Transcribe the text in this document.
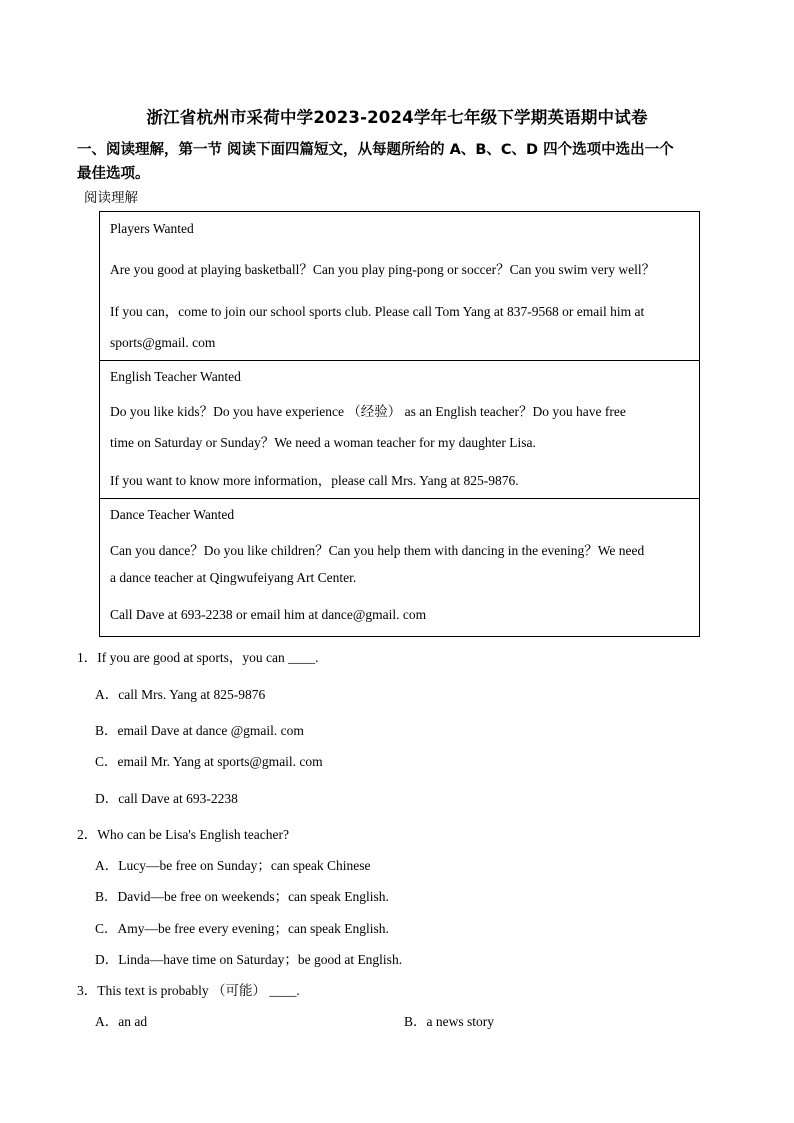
浙江省杭州市采荷中学2023-2024学年七年级下学期英语期中试卷
一、阅读理解，第一节 阅读下面四篇短文，从每题所给的 A、B、C、D 四个选项中选出一个
最佳选项。
阅读理解
Players Wanted
Are you good at playing basketball？Can you play ping-pong or soccer？Can you swim very well？
If you can，come to join our school sports club. Please call Tom Yang at 837-9568 or email him at
sports@gmail. com
English Teacher Wanted
Do you like kids？Do you have experience （经验） as an English teacher？Do you have free
time on Saturday or Sunday？We need a woman teacher for my daughter Lisa.
If you want to know more information，please call Mrs. Yang at 825-9876.
Dance Teacher Wanted
Can you dance？Do you like children？Can you help them with dancing in the evening？We need
a dance teacher at Qingwufeiyang Art Center.
Call Dave at 693-2238 or email him at dance@gmail. com
1．If you are good at sports，you can ____.
A．call Mrs. Yang at 825-9876
B．email Dave at dance @gmail. com
C．email Mr. Yang at sports@gmail. com
D．call Dave at 693-2238
2．Who can be Lisa's English teacher?
A．Lucy—be free on Sunday；can speak Chinese
B．David—be free on weekends；can speak English.
C．Amy—be free every evening；can speak English.
D．Linda—have time on Saturday；be good at English.
3．This text is probably （可能） ____.
A．an ad	B．a news story
